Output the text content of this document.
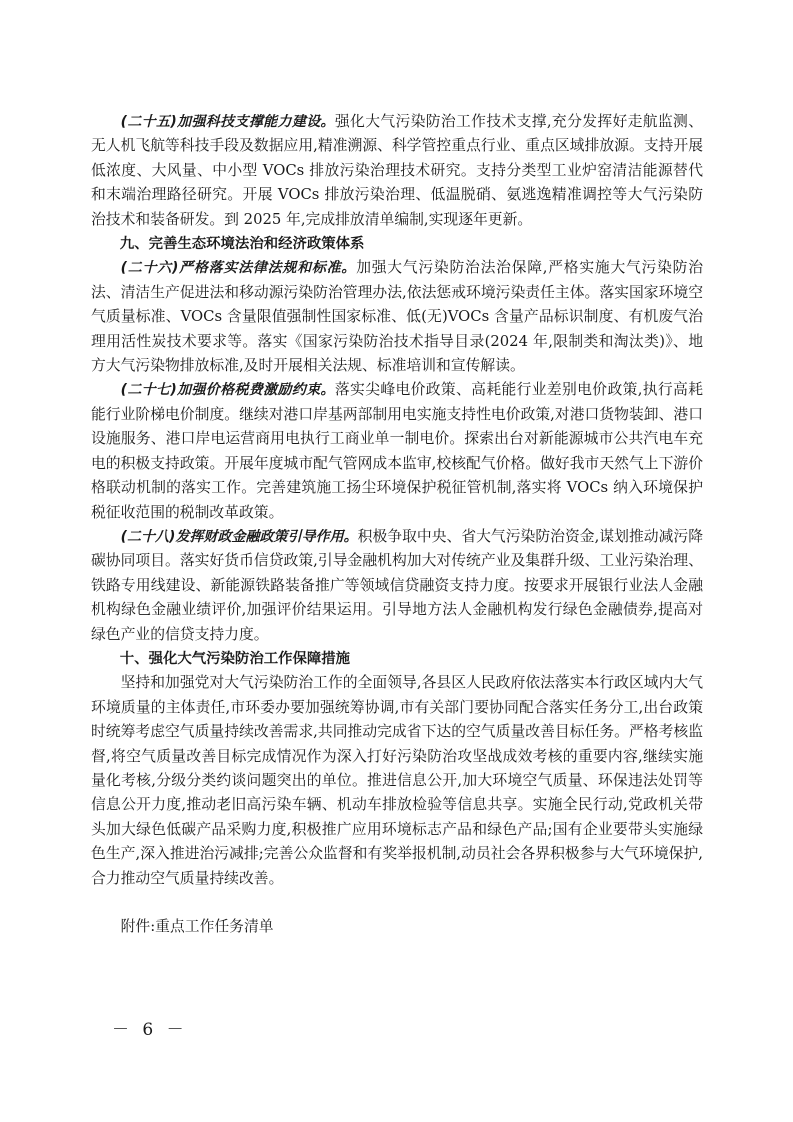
(二十五)加强科技支撑能力建设。强化大气污染防治工作技术支撑,充分发挥好走航监测、无人机飞航等科技手段及数据应用,精准溯源、科学管控重点行业、重点区域排放源。支持开展低浓度、大风量、中小型 VOCs 排放污染治理技术研究。支持分类型工业炉窑清洁能源替代和末端治理路径研究。开展 VOCs 排放污染治理、低温脱硝、氨逃逸精准调控等大气污染防治技术和装备研发。到 2025 年,完成排放清单编制,实现逐年更新。

九、完善生态环境法治和经济政策体系

(二十六)严格落实法律法规和标准。加强大气污染防治法治保障,严格实施大气污染防治法、清洁生产促进法和移动源污染防治管理办法,依法惩戒环境污染责任主体。落实国家环境空气质量标准、VOCs 含量限值强制性国家标准、低(无)VOCs 含量产品标识制度、有机废气治理用活性炭技术要求等。落实《国家污染防治技术指导目录(2024 年,限制类和淘汰类)》、地方大气污染物排放标准,及时开展相关法规、标准培训和宣传解读。

(二十七)加强价格税费激励约束。落实尖峰电价政策、高耗能行业差别电价政策,执行高耗能行业阶梯电价制度。继续对港口岸基两部制用电实施支持性电价政策,对港口货物装卸、港口设施服务、港口岸电运营商用电执行工商业单一制电价。探索出台对新能源城市公共汽电车充电的积极支持政策。开展年度城市配气管网成本监审,校核配气价格。做好我市天然气上下游价格联动机制的落实工作。完善建筑施工扬尘环境保护税征管机制,落实将 VOCs 纳入环境保护税征收范围的税制改革政策。

(二十八)发挥财政金融政策引导作用。积极争取中央、省大气污染防治资金,谋划推动减污降碳协同项目。落实好货币信贷政策,引导金融机构加大对传统产业及集群升级、工业污染治理、铁路专用线建设、新能源铁路装备推广等领域信贷融资支持力度。按要求开展银行业法人金融机构绿色金融业绩评价,加强评价结果运用。引导地方法人金融机构发行绿色金融债券,提高对绿色产业的信贷支持力度。

十、强化大气污染防治工作保障措施

坚持和加强党对大气污染防治工作的全面领导,各县区人民政府依法落实本行政区域内大气环境质量的主体责任,市环委办要加强统筹协调,市有关部门要协同配合落实任务分工,出台政策时统筹考虑空气质量持续改善需求,共同推动完成省下达的空气质量改善目标任务。严格考核监督,将空气质量改善目标完成情况作为深入打好污染防治攻坚战成效考核的重要内容,继续实施量化考核,分级分类约谈问题突出的单位。推进信息公开,加大环境空气质量、环保违法处罚等信息公开力度,推动老旧高污染车辆、机动车排放检验等信息共享。实施全民行动,党政机关带头加大绿色低碳产品采购力度,积极推广应用环境标志产品和绿色产品;国有企业要带头实施绿色生产,深入推进治污减排;完善公众监督和有奖举报机制,动员社会各界积极参与大气环境保护,合力推动空气质量持续改善。

附件:重点工作任务清单

－ 6 －
